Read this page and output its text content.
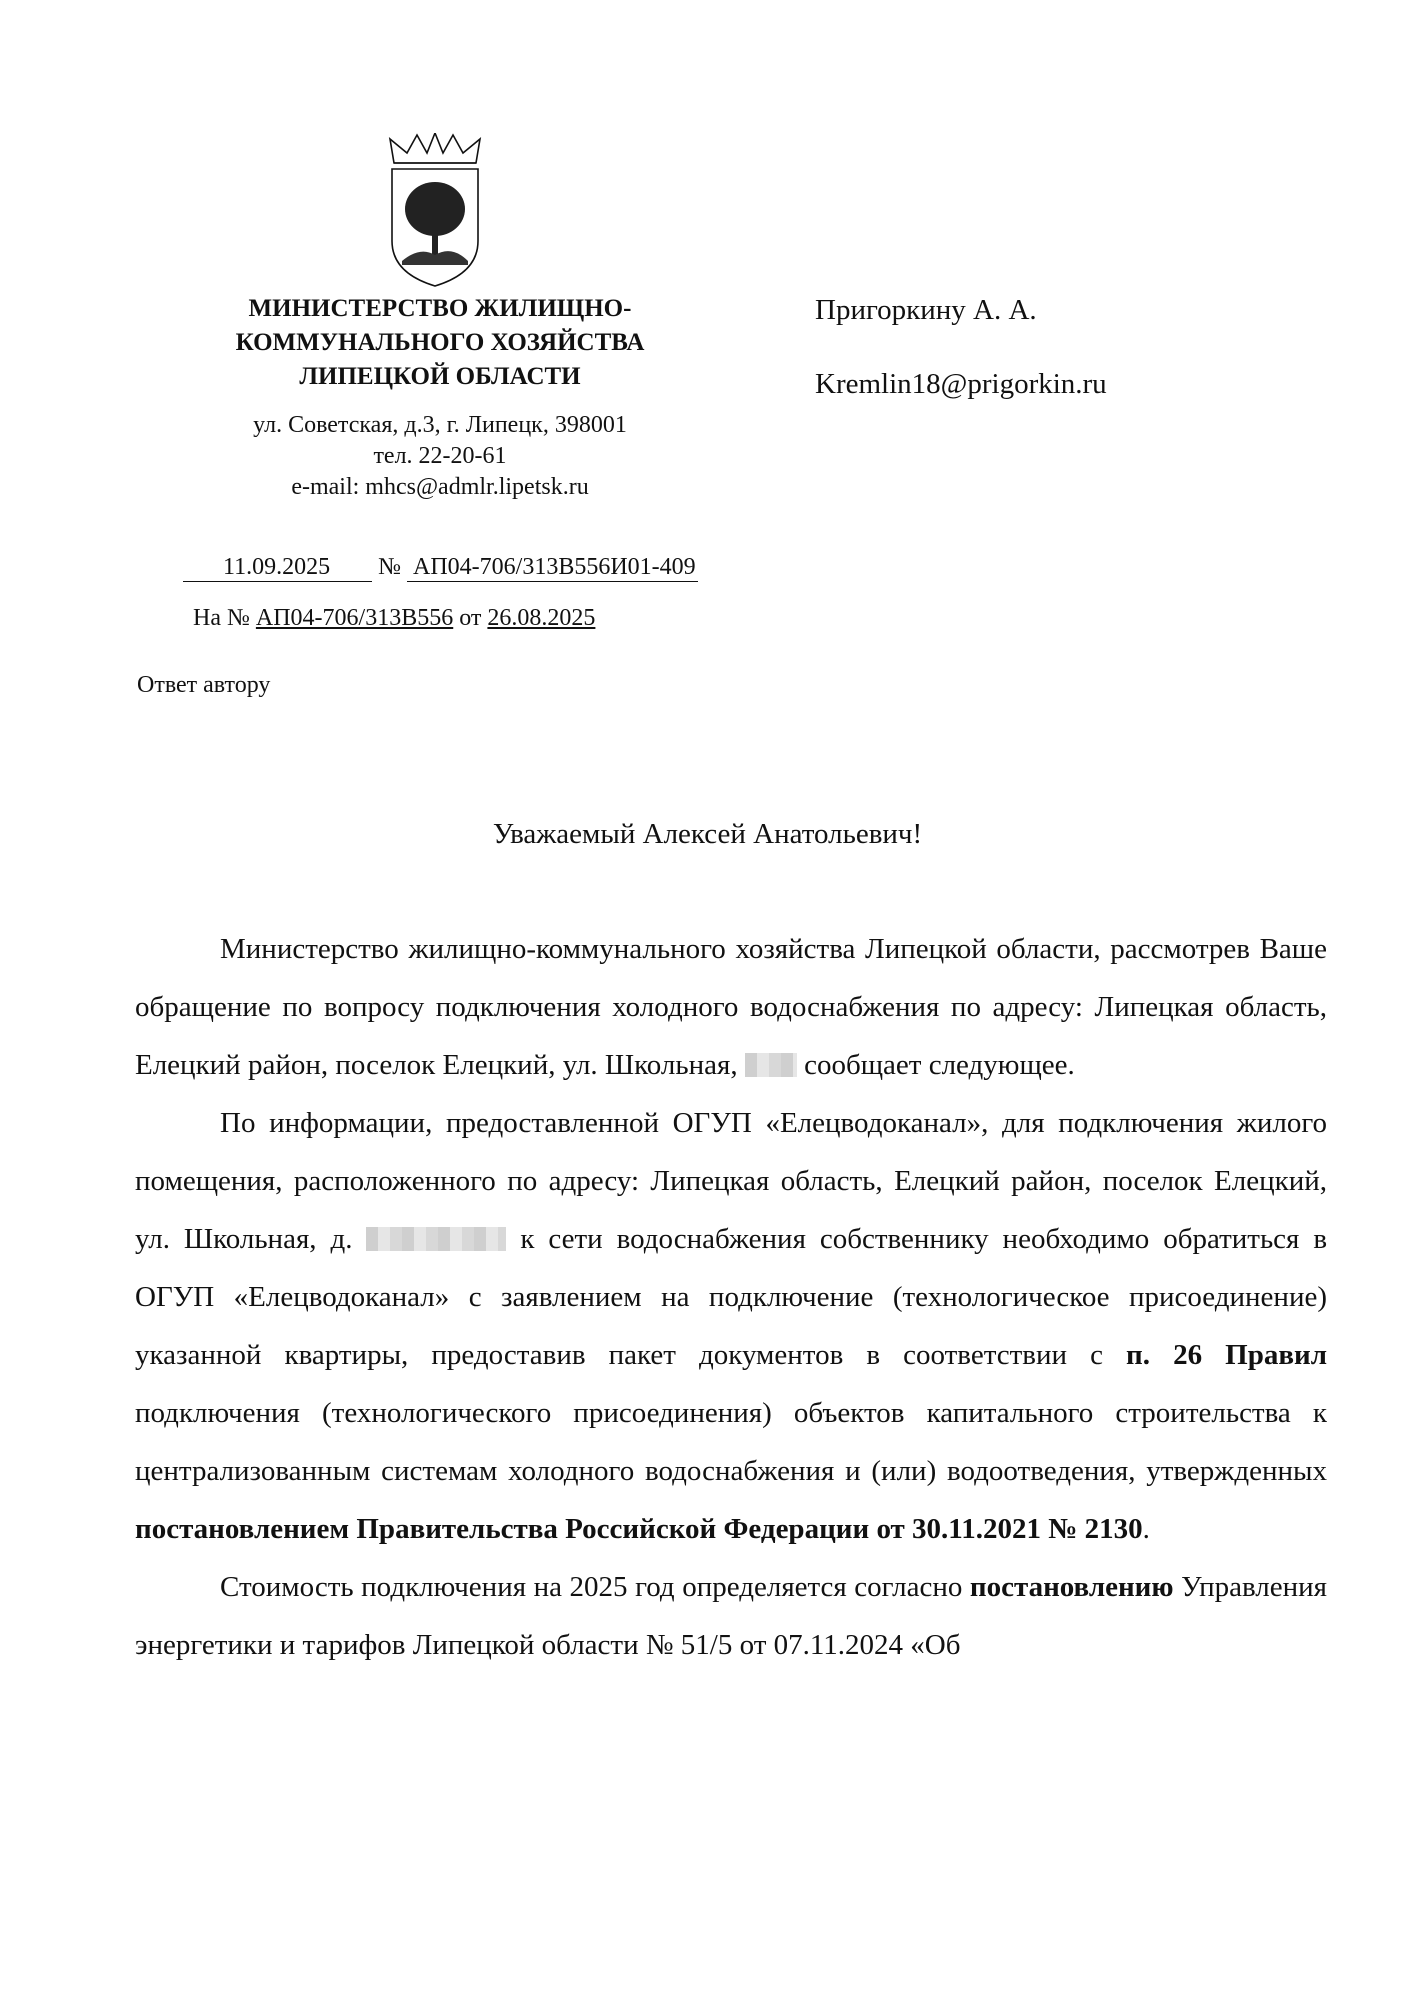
МИНИСТЕРСТВО ЖИЛИЩНО-
КОММУНАЛЬНОГО ХОЗЯЙСТВА
ЛИПЕЦКОЙ ОБЛАСТИ
ул. Советская, д.3, г. Липецк, 398001
тел. 22-20-61
e-mail: mhcs@admlr.lipetsk.ru
Пригоркину А. А.
Kremlin18@prigorkin.ru
11.09.2025 № АП04-706/313В556И01-409
На № АП04-706/313В556 от 26.08.2025
Ответ автору
Уважаемый Алексей Анатольевич!

Министерство жилищно-коммунального хозяйства Липецкой области, рассмотрев Ваше обращение по вопросу подключения холодного водоснабжения по адресу: Липецкая область, Елецкий район, поселок Елецкий, ул. Школьная, сообщает следующее.

По информации, предоставленной ОГУП «Елецводоканал», для подключения жилого помещения, расположенного по адресу: Липецкая область, Елецкий район, поселок Елецкий, ул. Школьная, д.	к сети водоснабжения собственнику необходимо обратиться в ОГУП «Елецводоканал» с заявлением на подключение (технологическое присоединение) указанной квартиры, предоставив пакет документов в соответствии с п. 26 Правил подключения (технологического присоединения) объектов капитального строительства к централизованным системам холодного водоснабжения и (или) водоотведения, утвержденных постановлением Правительства Российской Федерации от 30.11.2021 № 2130.

Стоимость подключения на 2025 год определяется согласно постановлению Управления энергетики и тарифов Липецкой области № 51/5 от 07.11.2024 «Об
